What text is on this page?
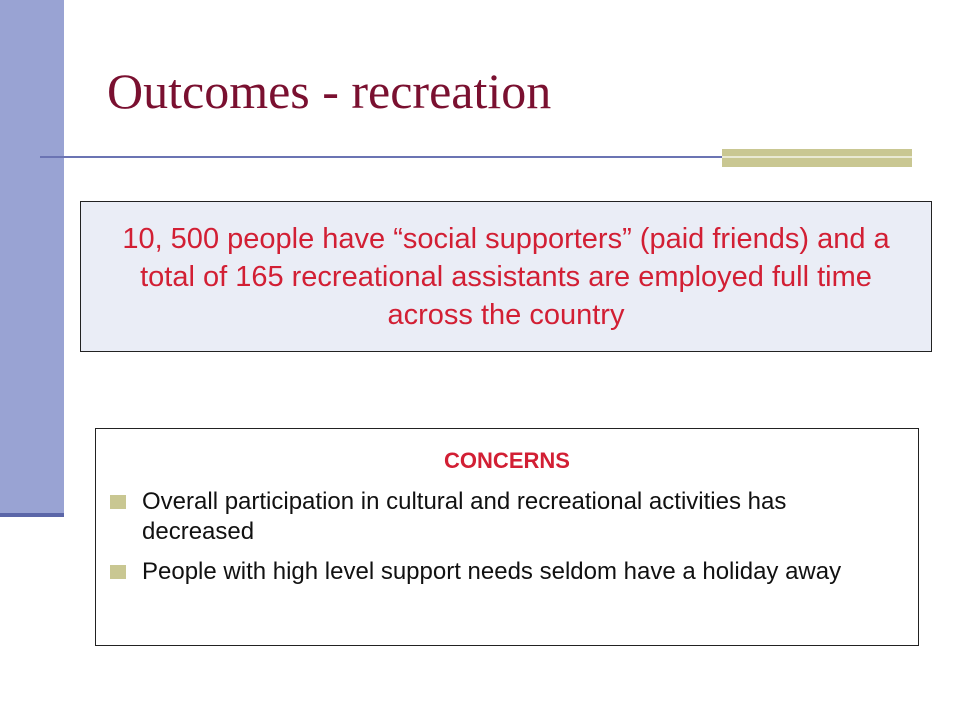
Outcomes - recreation
10, 500 people have “social supporters” (paid friends) and a total of 165 recreational assistants are employed full time across the country

CONCERNS

Overall participation in cultural and recreational activities has decreased
People with high level support needs seldom have a holiday away
